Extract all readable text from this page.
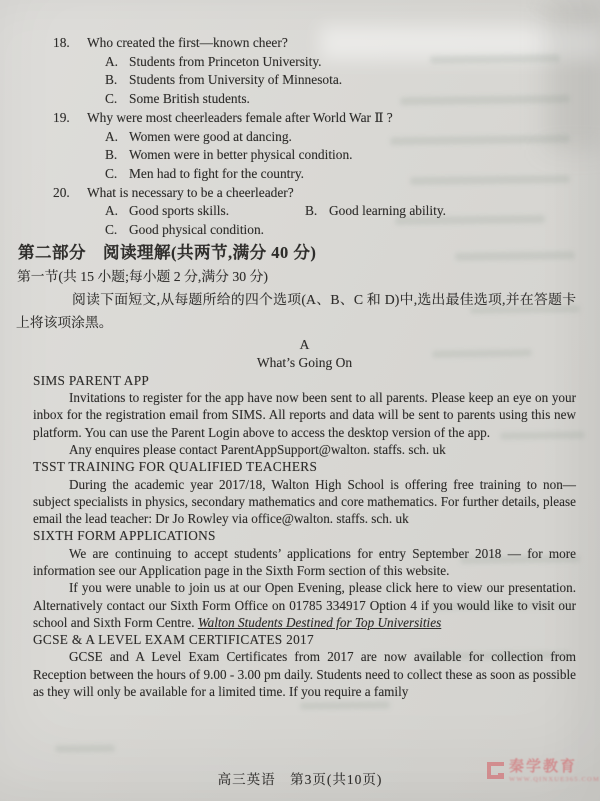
18.	Who created the first—known cheer?
A. Students from Princeton University.
B. Students from University of Minnesota.
C. Some British students.
19.	Why were most cheerleaders female after World War Ⅱ ?
A. Women were good at dancing.
B. Women were in better physical condition.
C. Men had to fight for the country.
20.	What is necessary to be a cheerleader?
A. Good sports skills.	B. Good learning ability.
C. Good physical condition.
第二部分　阅读理解(共两节,满分 40 分)
第一节(共 15 小题;每小题 2 分,满分 30 分)

阅读下面短文,从每题所给的四个选项(A、B、C 和 D)中,选出最佳选项,并在答题卡上将该项涂黑。

A
What’s Going On
SIMS PARENT APP

Invitations to register for the app have now been sent to all parents. Please keep an eye on your inbox for the registration email from SIMS. All reports and data will be sent to parents using this new platform. You can use the Parent Login above to access the desktop version of the app.

Any enquires please contact ParentAppSupport@walton. staffs. sch. uk

TSST TRAINING FOR QUALIFIED TEACHERS

During the academic year 2017/18, Walton High School is offering free training to non—subject specialists in physics, secondary mathematics and core mathematics. For further details, please email the lead teacher: Dr Jo Rowley via office@walton. staffs. sch. uk

SIXTH FORM APPLICATIONS

We are continuing to accept students’ applications for entry September 2018 — for more information see our Application page in the Sixth Form section of this website.

If you were unable to join us at our Open Evening, please click here to view our presentation. Alternatively contact our Sixth Form Office on 01785 334917 Option 4 if you would like to visit our school and Sixth Form Centre. Walton Students Destined for Top Universities

GCSE & A LEVEL EXAM CERTIFICATES 2017

GCSE and A Level Exam Certificates from 2017 are now available for collection from Reception between the hours of 9.00 - 3.00 pm daily. Students need to collect these as soon as possible as they will only be available for a limited time. If you require a family

高三英语　第3页(共10页)
秦学教育
WWW.QINXUE365.COM
